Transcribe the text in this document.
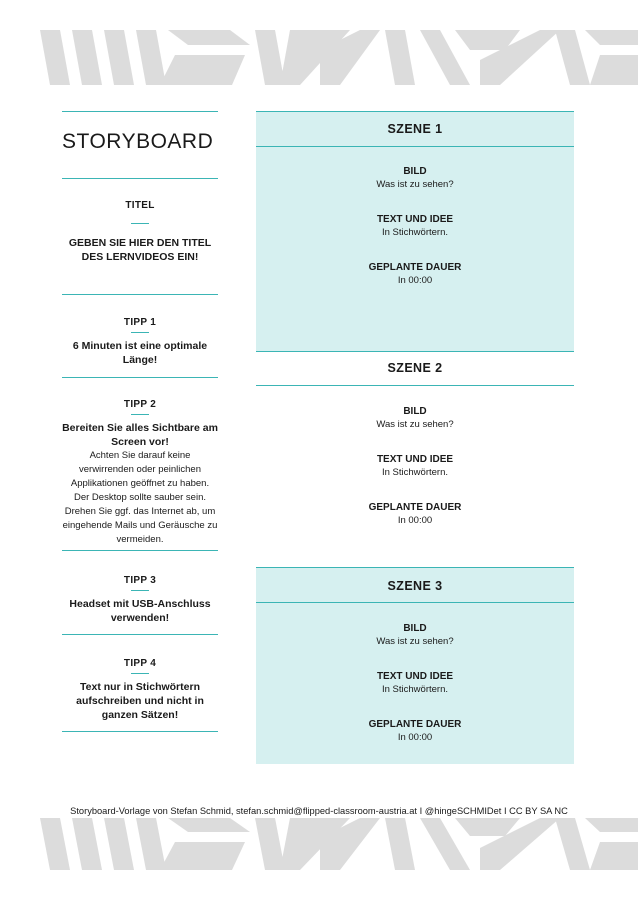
STORYBOARD
TITEL
GEBEN SIE HIER DEN TITEL DES LERNVIDEOS EIN!
TIPP 1
6 Minuten ist eine optimale Länge!
TIPP 2
Bereiten Sie alles Sichtbare am Screen vor!
Achten Sie darauf keine verwirrenden oder peinlichen Applikationen geöffnet zu haben. Der Desktop sollte sauber sein. Drehen Sie ggf. das Internet ab, um eingehende Mails und Geräusche zu vermeiden.
TIPP 3
Headset mit USB-Anschluss verwenden!
TIPP 4
Text nur in Stichwörtern aufschreiben und nicht in ganzen Sätzen!
SZENE 1
BILD
Was ist zu sehen?
TEXT UND IDEE
In Stichwörtern.
GEPLANTE DAUER
In 00:00
SZENE 2
BILD
Was ist zu sehen?
TEXT UND IDEE
In Stichwörtern.
GEPLANTE DAUER
In 00:00
SZENE 3
BILD
Was ist zu sehen?
TEXT UND IDEE
In Stichwörtern.
GEPLANTE DAUER
In 00:00
Storyboard-Vorlage von Stefan Schmid, stefan.schmid@flipped-classroom-austria.at I @hingeSCHMIDet I CC BY SA NC
